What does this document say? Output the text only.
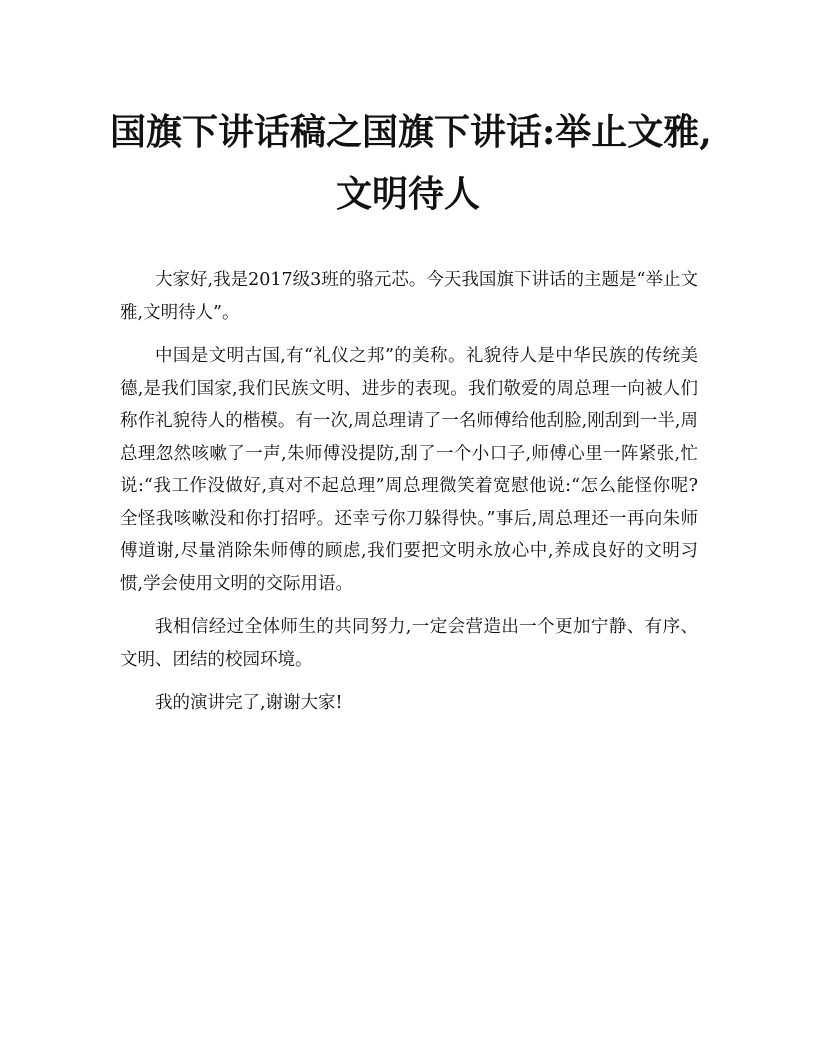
国旗下讲话稿之国旗下讲话:举止文雅,
文明待人

大家好,我是2017级3班的骆元芯。今天我国旗下讲话的主题是“举止文雅,文明待人”。

中国是文明古国,有“礼仪之邦”的美称。礼貌待人是中华民族的传统美德,是我们国家,我们民族文明、进步的表现。我们敬爱的周总理一向被人们称作礼貌待人的楷模。有一次,周总理请了一名师傅给他刮脸,刚刮到一半,周总理忽然咳嗽了一声,朱师傅没提防,刮了一个小口子,师傅心里一阵紧张,忙说:“我工作没做好,真对不起总理”周总理微笑着宽慰他说:“怎么能怪你呢?全怪我咳嗽没和你打招呼。还幸亏你刀躲得快。”事后,周总理还一再向朱师傅道谢,尽量消除朱师傅的顾虑,我们要把文明永放心中,养成良好的文明习惯,学会使用文明的交际用语。

我相信经过全体师生的共同努力,一定会营造出一个更加宁静、有序、文明、团结的校园环境。

我的演讲完了,谢谢大家!
